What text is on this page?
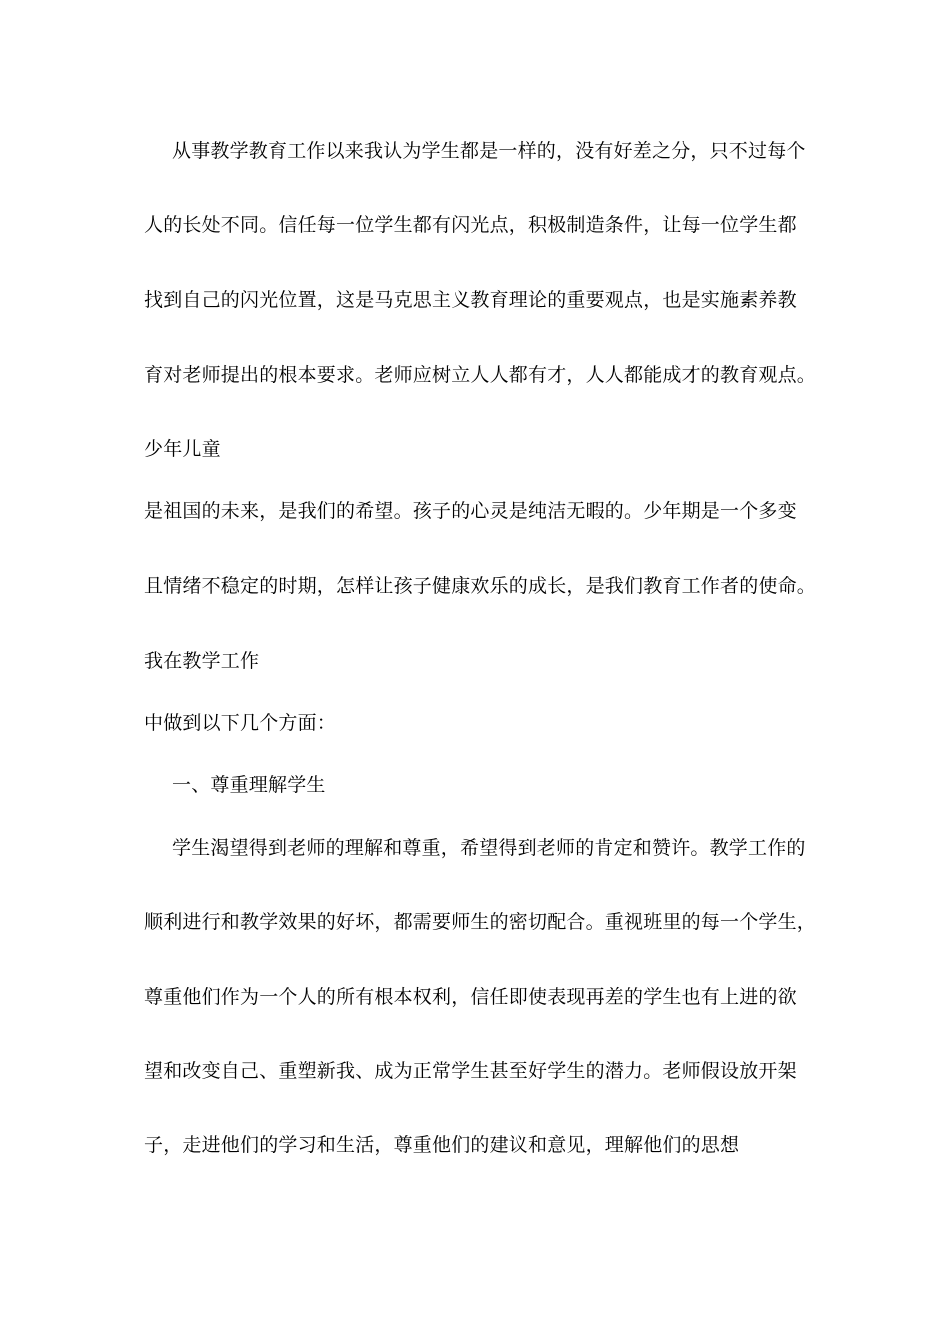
从事教学教育工作以来我认为学生都是一样的，没有好差之分，只不过每个
人的长处不同。信任每一位学生都有闪光点，积极制造条件，让每一位学生都
找到自己的闪光位置，这是马克思主义教育理论的重要观点，也是实施素养教
育对老师提出的根本要求。老师应树立人人都有才，人人都能成才的教育观点。
少年儿童
是祖国的未来，是我们的希望。孩子的心灵是纯洁无暇的。少年期是一个多变
且情绪不稳定的时期，怎样让孩子健康欢乐的成长，是我们教育工作者的使命。
我在教学工作
中做到以下几个方面：
一、尊重理解学生
学生渴望得到老师的理解和尊重，希望得到老师的肯定和赞许。教学工作的
顺利进行和教学效果的好坏，都需要师生的密切配合。重视班里的每一个学生，
尊重他们作为一个人的所有根本权利，信任即使表现再差的学生也有上进的欲
望和改变自己、重塑新我、成为正常学生甚至好学生的潜力。老师假设放开架
子，走进他们的学习和生活，尊重他们的建议和意见，理解他们的思想
